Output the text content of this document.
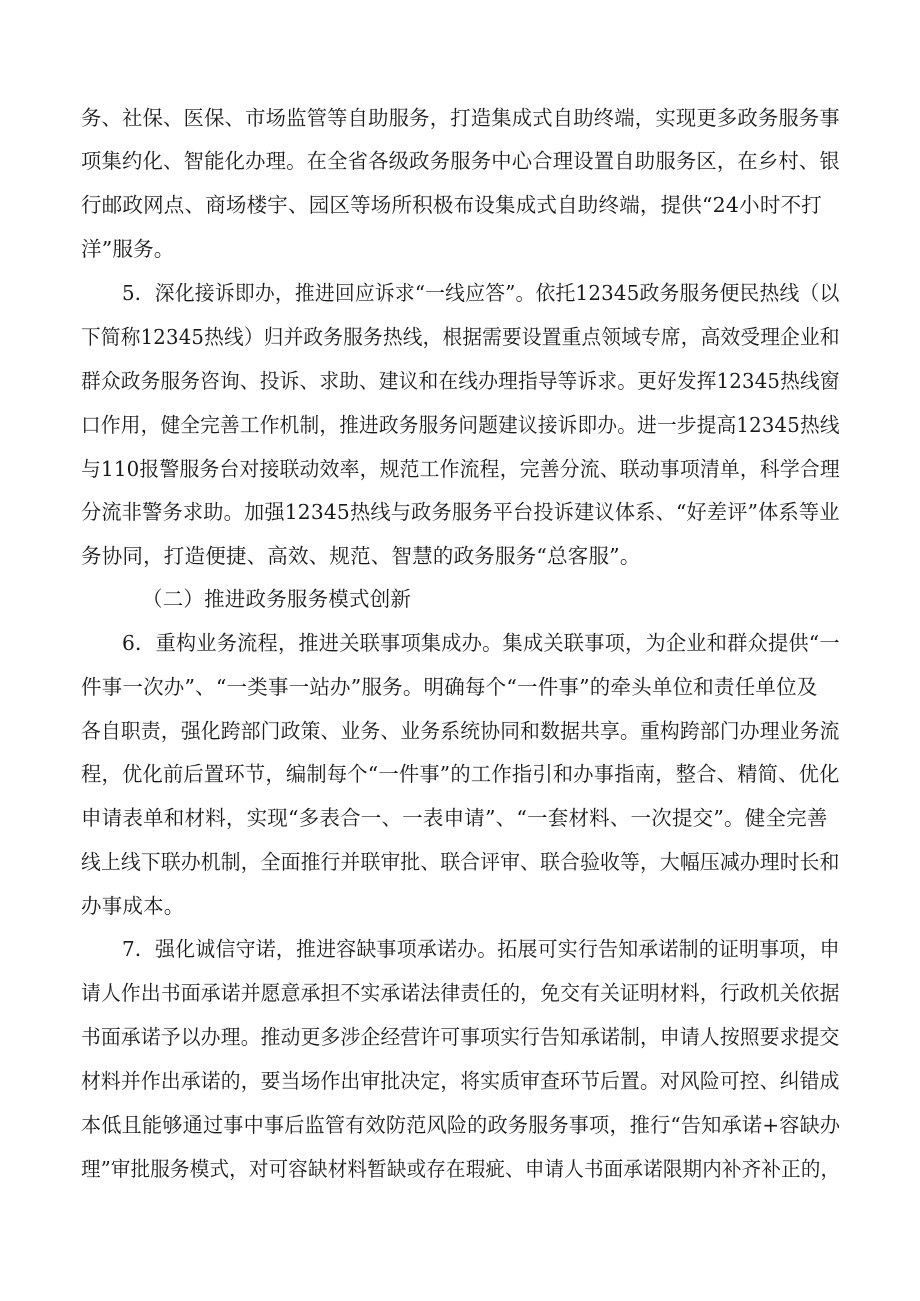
务、社保、医保、市场监管等自助服务，打造集成式自助终端，实现更多政务服务事
项集约化、智能化办理。在全省各级政务服务中心合理设置自助服务区，在乡村、银
行邮政网点、商场楼宇、园区等场所积极布设集成式自助终端，提供“24小时不打
洋”服务。
5．深化接诉即办，推进回应诉求“一线应答”。依托12345政务服务便民热线（以
下简称12345热线）归并政务服务热线，根据需要设置重点领域专席，高效受理企业和
群众政务服务咨询、投诉、求助、建议和在线办理指导等诉求。更好发挥12345热线窗
口作用，健全完善工作机制，推进政务服务问题建议接诉即办。进一步提高12345热线
与110报警服务台对接联动效率，规范工作流程，完善分流、联动事项清单，科学合理
分流非警务求助。加强12345热线与政务服务平台投诉建议体系、“好差评”体系等业
务协同，打造便捷、高效、规范、智慧的政务服务“总客服”。
（二）推进政务服务模式创新
6．重构业务流程，推进关联事项集成办。集成关联事项，为企业和群众提供“一
件事一次办”、“一类事一站办”服务。明确每个“一件事”的牵头单位和责任单位及
各自职责，强化跨部门政策、业务、业务系统协同和数据共享。重构跨部门办理业务流
程，优化前后置环节，编制每个“一件事”的工作指引和办事指南，整合、精简、优化
申请表单和材料，实现“多表合一、一表申请”、“一套材料、一次提交”。健全完善
线上线下联办机制，全面推行并联审批、联合评审、联合验收等，大幅压减办理时长和
办事成本。
7．强化诚信守诺，推进容缺事项承诺办。拓展可实行告知承诺制的证明事项，申
请人作出书面承诺并愿意承担不实承诺法律责任的，免交有关证明材料，行政机关依据
书面承诺予以办理。推动更多涉企经营许可事项实行告知承诺制，申请人按照要求提交
材料并作出承诺的，要当场作出审批决定，将实质审查环节后置。对风险可控、纠错成
本低且能够通过事中事后监管有效防范风险的政务服务事项，推行“告知承诺+容缺办
理”审批服务模式，对可容缺材料暂缺或存在瑕疵、申请人书面承诺限期内补齐补正的，
